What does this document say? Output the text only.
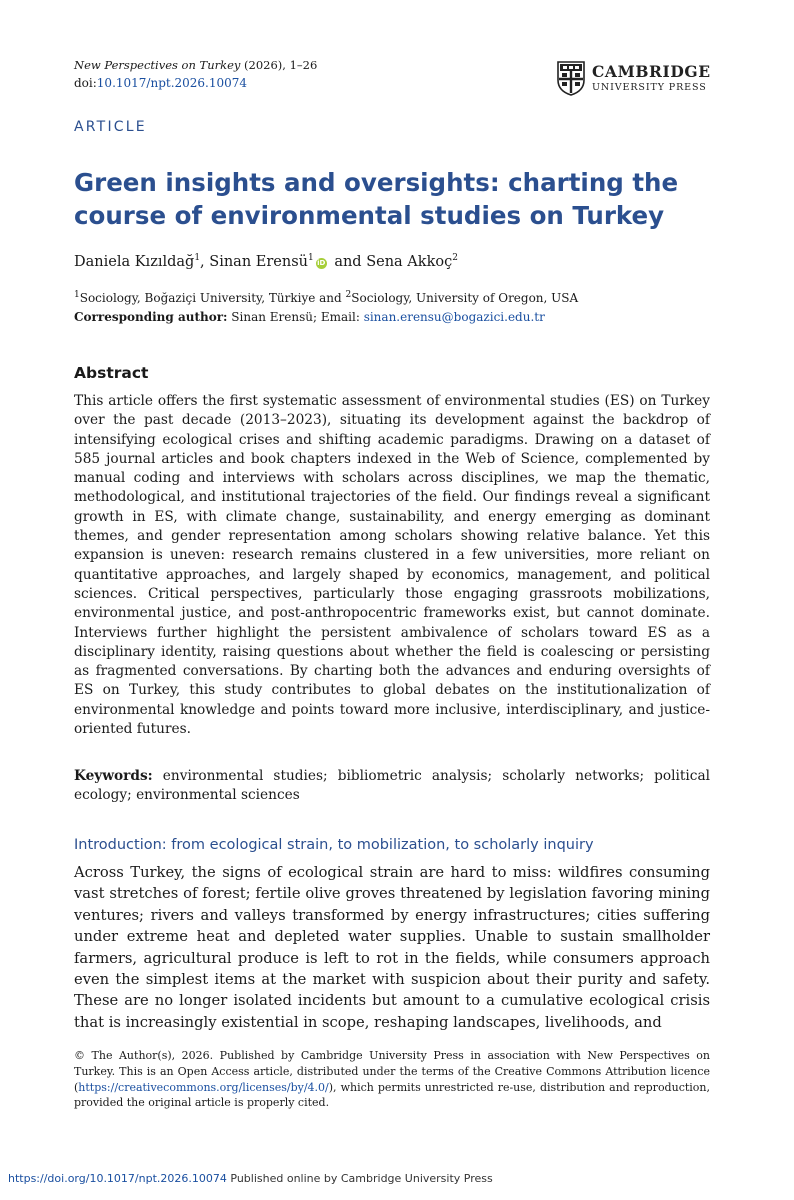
New Perspectives on Turkey (2026), 1–26
doi:10.1017/npt.2026.10074
CAMBRIDGE
UNIVERSITY PRESS
ARTICLE
Green insights and oversights: charting the course of environmental studies on Turkey
Daniela Kızıldağ$^1$, Sinan Erensü$^1$ iD and Sena Akkoç$^2$
$^1$Sociology, Boğaziçi University, Türkiye and $^2$Sociology, University of Oregon, USA
Corresponding author: Sinan Erensü; Email: sinan.erensu@bogazici.edu.tr
Abstract
This article offers the first systematic assessment of environmental studies (ES) on Turkey over the past decade (2013–2023), situating its development against the backdrop of intensifying ecological crises and shifting academic paradigms. Drawing on a dataset of 585 journal articles and book chapters indexed in the Web of Science, complemented by manual coding and interviews with scholars across disciplines, we map the thematic, methodological, and institutional trajectories of the field. Our findings reveal a significant growth in ES, with climate change, sustainability, and energy emerging as dominant themes, and gender representation among scholars showing relative balance. Yet this expansion is uneven: research remains clustered in a few universities, more reliant on quantitative approaches, and largely shaped by economics, management, and political sciences. Critical perspectives, particularly those engaging grassroots mobilizations, environmental justice, and post-anthropocentric frameworks exist, but cannot dominate. Interviews further highlight the persistent ambivalence of scholars toward ES as a disciplinary identity, raising questions about whether the field is coalescing or persisting as fragmented conversations. By charting both the advances and enduring oversights of ES on Turkey, this study contributes to global debates on the institutionalization of environmental knowledge and points toward more inclusive, interdisciplinary, and justice-oriented futures.
Keywords: environmental studies; bibliometric analysis; scholarly networks; political ecology; environmental sciences
Introduction: from ecological strain, to mobilization, to scholarly inquiry
Across Turkey, the signs of ecological strain are hard to miss: wildfires consuming vast stretches of forest; fertile olive groves threatened by legislation favoring mining ventures; rivers and valleys transformed by energy infrastructures; cities suffering under extreme heat and depleted water supplies. Unable to sustain smallholder farmers, agricultural produce is left to rot in the fields, while consumers approach even the simplest items at the market with suspicion about their purity and safety. These are no longer isolated incidents but amount to a cumulative ecological crisis that is increasingly existential in scope, reshaping landscapes, livelihoods, and
© The Author(s), 2026. Published by Cambridge University Press in association with New Perspectives on Turkey. This is an Open Access article, distributed under the terms of the Creative Commons Attribution licence (https://creativecommons.org/licenses/by/4.0/), which permits unrestricted re-use, distribution and reproduction, provided the original article is properly cited.
https://doi.org/10.1017/npt.2026.10074 Published online by Cambridge University Press
